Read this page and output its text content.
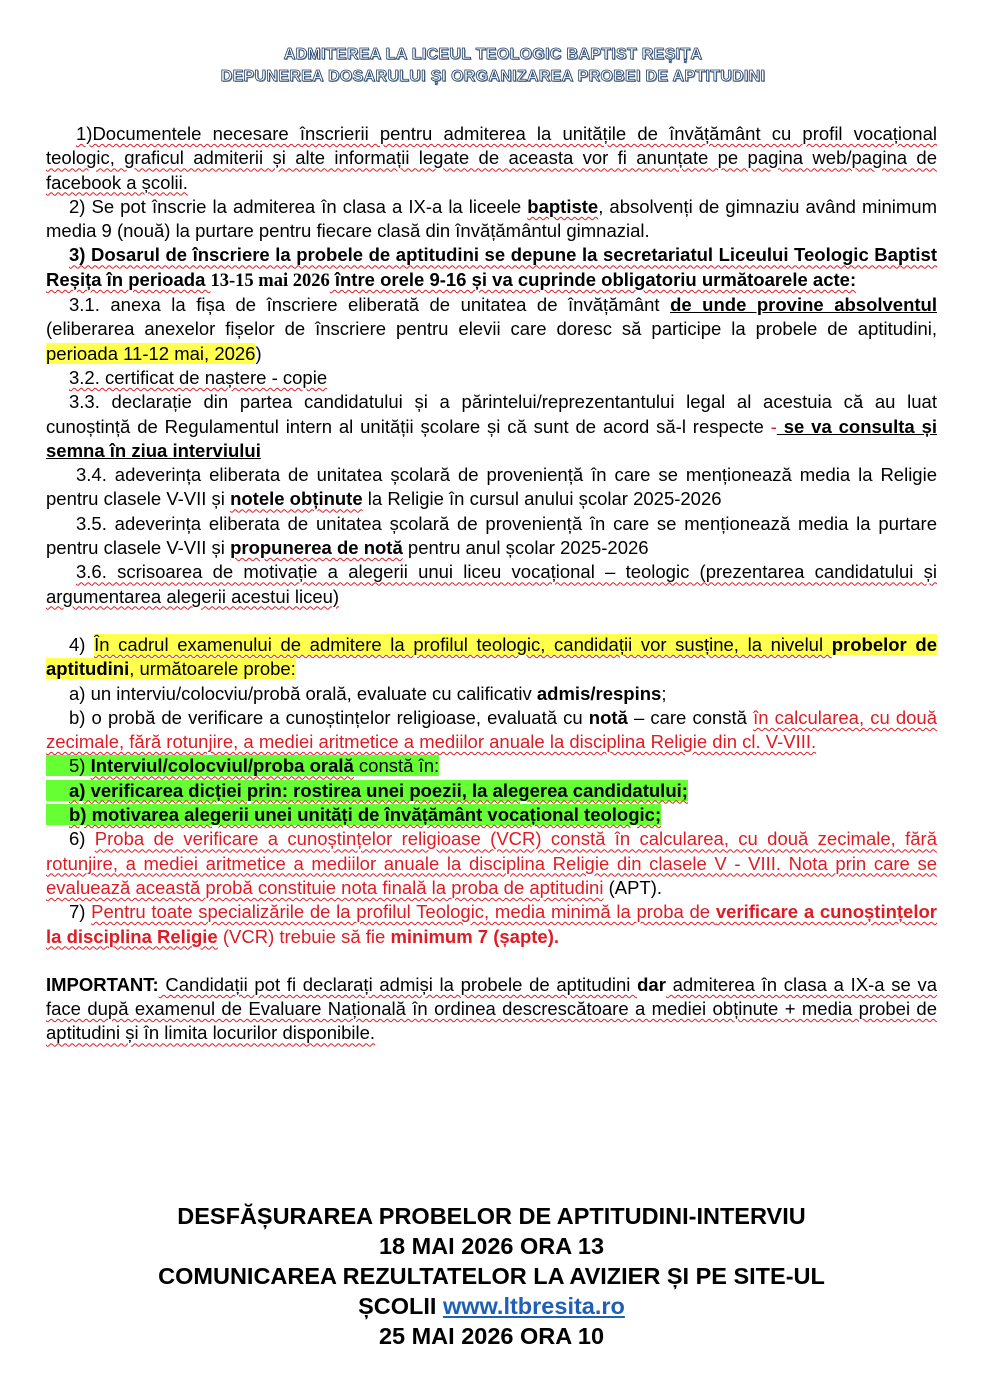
ADMITEREA LA LICEUL TEOLOGIC BAPTIST REȘIȚA
DEPUNEREA DOSARULUI ȘI ORGANIZAREA PROBEI DE APTITUDINI

1)Documentele necesare înscrierii pentru admiterea la unitățile de învățământ cu profil vocațional teologic, graficul admiterii și alte informații legate de aceasta vor fi anunțate pe pagina web/pagina de facebook a școlii.

2) Se pot înscrie la admiterea în clasa a IX-a la liceele baptiste, absolvenți de gimnaziu având minimum media 9 (nouă) la purtare pentru fiecare clasă din învățământul gimnazial.

3) Dosarul de înscriere la probele de aptitudini se depune la secretariatul Liceului Teologic Baptist Reșița în perioada 13-15 mai 2026 între orele 9-16 și va cuprinde obligatoriu următoarele acte:

3.1. anexa la fișa de înscriere eliberată de unitatea de învățământ de unde provine absolventul (eliberarea anexelor fișelor de înscriere pentru elevii care doresc să participe la probele de aptitudini, perioada 11-12 mai, 2026)

3.2. certificat de naștere - copie

3.3. declarație din partea candidatului și a părintelui/reprezentantului legal al acestuia că au luat cunoștință de Regulamentul intern al unității școlare și că sunt de acord să-l respecte - se va consulta și semna în ziua interviului

3.4. adeverința eliberata de unitatea școlară de proveniență în care se menționează media la Religie pentru clasele V-VII și notele obținute la Religie în cursul anului școlar 2025-2026

3.5. adeverința eliberata de unitatea școlară de proveniență în care se menționează media la purtare pentru clasele V-VII și propunerea de notă pentru anul școlar 2025-2026

3.6. scrisoarea de motivație a alegerii unui liceu vocațional – teologic (prezentarea candidatului și argumentarea alegerii acestui liceu)

4) În cadrul examenului de admitere la profilul teologic, candidații vor susține, la nivelul probelor de aptitudini, următoarele probe:

a) un interviu/colocviu/probă orală, evaluate cu calificativ admis/respins;

b) o probă de verificare a cunoștințelor religioase, evaluată cu notă – care constă în calcularea, cu două zecimale, fără rotunjire, a mediei aritmetice a mediilor anuale la disciplina Religie din cl. V-VIII.

5) Interviul/colocviul/proba orală constă în:

a) verificarea dicției prin: rostirea unei poezii, la alegerea candidatului;

b) motivarea alegerii unei unități de învățământ vocațional teologic;

6) Proba de verificare a cunoștințelor religioase (VCR) constă în calcularea, cu două zecimale, fără rotunjire, a mediei aritmetice a mediilor anuale la disciplina Religie din clasele V - VIII. Nota prin care se evaluează această probă constituie nota finală la proba de aptitudini (APT).

7) Pentru toate specializările de la profilul Teologic, media minimă la proba de verificare a cunoștințelor la disciplina Religie (VCR) trebuie să fie minimum 7 (șapte).

IMPORTANT: Candidații pot fi declarați admiși la probele de aptitudini dar admiterea în clasa a IX-a se va face după examenul de Evaluare Națională în ordinea descrescătoare a mediei obținute + media probei de aptitudini și în limita locurilor disponibile.

DESFĂȘURAREA PROBELOR DE APTITUDINI-INTERVIU
18 MAI 2026 ORA 13
COMUNICAREA REZULTATELOR LA AVIZIER ȘI PE SITE-UL
ȘCOLII www.ltbresita.ro
25 MAI 2026 ORA 10
